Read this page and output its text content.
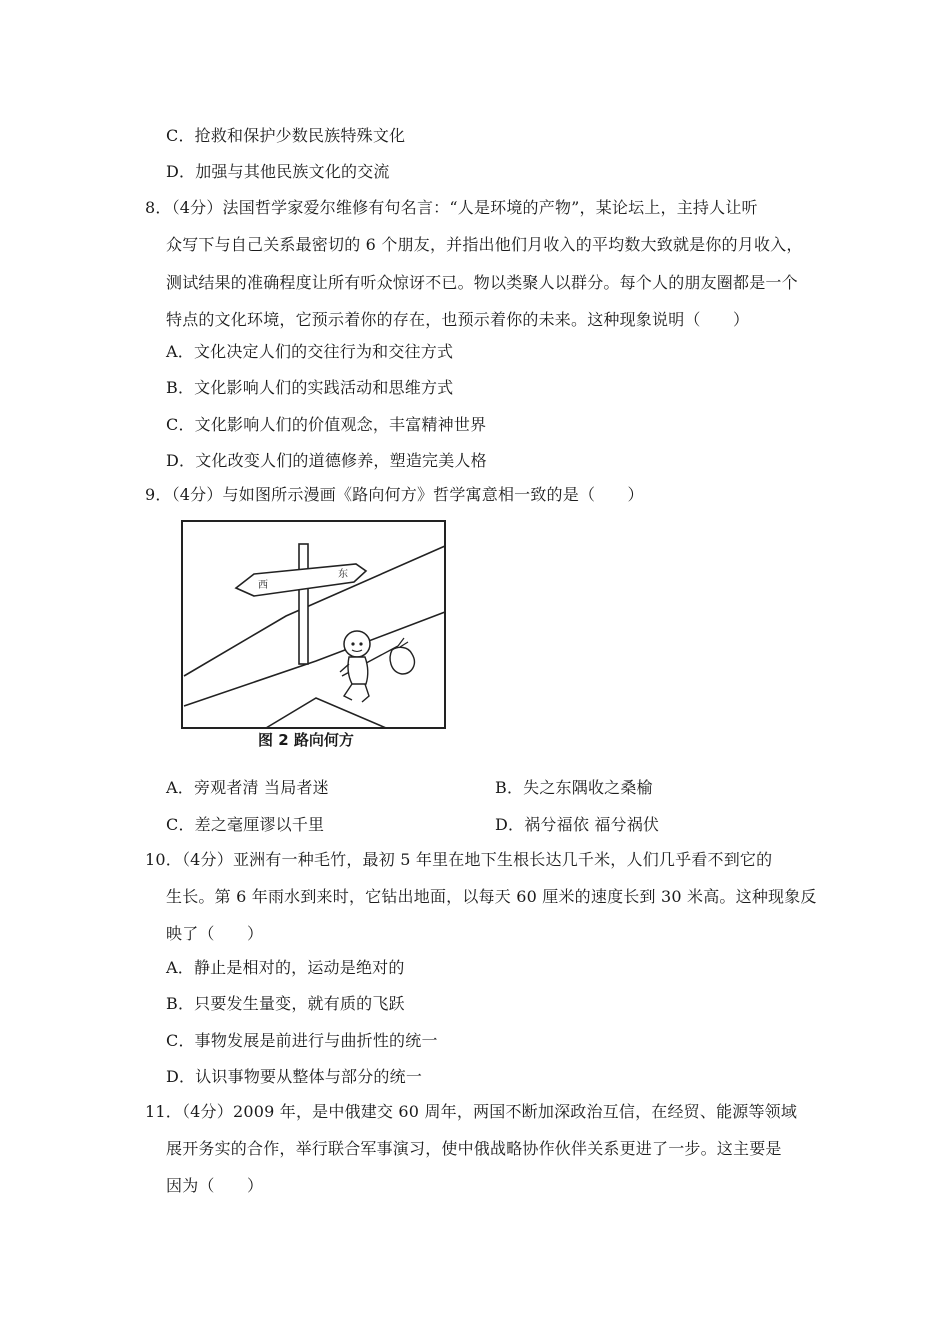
C．抢救和保护少数民族特殊文化
D．加强与其他民族文化的交流
8．（4分）法国哲学家爱尔维修有句名言：“人是环境的产物”，某论坛上，主持人让听
众写下与自己关系最密切的 6 个朋友，并指出他们月收入的平均数大致就是你的月收入，
测试结果的准确程度让所有听众惊讶不已。物以类聚人以群分。每个人的朋友圈都是一个
特点的文化环境，它预示着你的存在，也预示着你的未来。这种现象说明（　　）
A．文化决定人们的交往行为和交往方式
B．文化影响人们的实践活动和思维方式
C．文化影响人们的价值观念，丰富精神世界
D．文化改变人们的道德修养，塑造完美人格
9．（4分）与如图所示漫画《路向何方》哲学寓意相一致的是（　　）
西
东
图 2 路向何方
A．旁观者清 当局者迷	B．失之东隅收之桑榆
C．差之毫厘谬以千里	D．祸兮福依 福兮祸伏
10．（4分）亚洲有一种毛竹，最初 5 年里在地下生根长达几千米，人们几乎看不到它的
生长。第 6 年雨水到来时，它钻出地面，以每天 60 厘米的速度长到 30 米高。这种现象反
映了（　　）
A．静止是相对的，运动是绝对的
B．只要发生量变，就有质的飞跃
C．事物发展是前进行与曲折性的统一
D．认识事物要从整体与部分的统一
11．（4分）2009 年，是中俄建交 60 周年，两国不断加深政治互信，在经贸、能源等领域
展开务实的合作，举行联合军事演习，使中俄战略协作伙伴关系更进了一步。这主要是
因为（　　）
